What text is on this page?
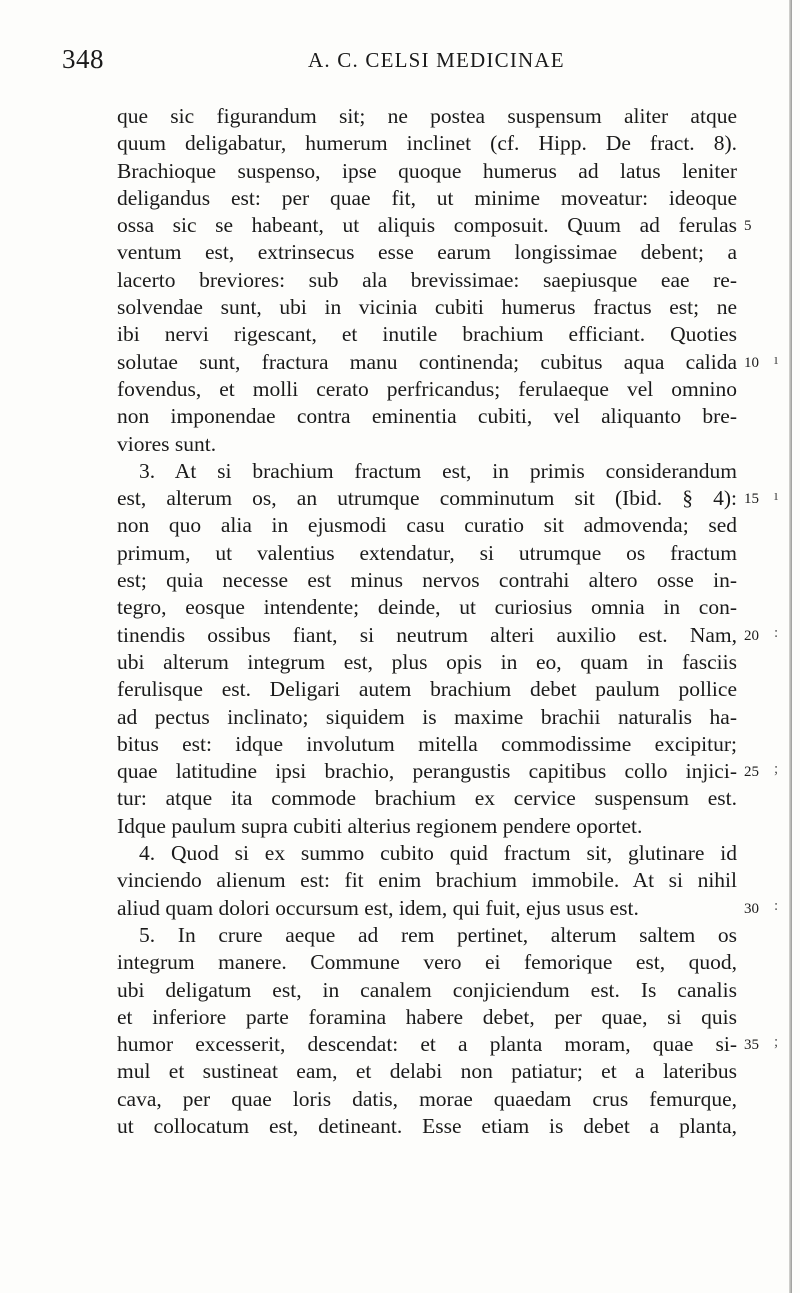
348	A. C. CELSI MEDICINAE
que sic figurandum sit; ne postea suspensum aliter atque
quum deligabatur, humerum inclinet (cf. Hipp. De fract. 8).
Brachioque suspenso, ipse quoque humerus ad latus leniter
deligandus est: per quae fit, ut minime moveatur: ideoque
ossa sic se habeant, ut aliquis composuit. Quum ad ferulas 5
ventum est, extrinsecus esse earum longissimae debent; a
lacerto breviores: sub ala brevissimae: saepiusque eae re-
solvendae sunt, ubi in vicinia cubiti humerus fractus est; ne
ibi nervi rigescant, et inutile brachium efficiant. Quoties
solutae sunt, fractura manu continenda; cubitus aqua calida 10
fovendus, et molli cerato perfricandus; ferulaeque vel omnino
non imponendae contra eminentia cubiti, vel aliquanto bre-
viores sunt.
3. At si brachium fractum est, in primis considerandum
est, alterum os, an utrumque comminutum sit (Ibid. § 4): 15
non quo alia in ejusmodi casu curatio sit admovenda; sed
primum, ut valentius extendatur, si utrumque os fractum
est; quia necesse est minus nervos contrahi altero osse in-
tegro, eosque intendente; deinde, ut curiosius omnia in con-
tinendis ossibus fiant, si neutrum alteri auxilio est. Nam, 20
ubi alterum integrum est, plus opis in eo, quam in fasciis
ferulisque est. Deligari autem brachium debet paulum pollice
ad pectus inclinato; siquidem is maxime brachii naturalis ha-
bitus est: idque involutum mitella commodissime excipitur;
quae latitudine ipsi brachio, perangustis capitibus collo injici- 25
tur: atque ita commode brachium ex cervice suspensum est.
Idque paulum supra cubiti alterius regionem pendere oportet.
4. Quod si ex summo cubito quid fractum sit, glutinare id
vinciendo alienum est: fit enim brachium immobile. At si nihil
aliud quam dolori occursum est, idem, qui fuit, ejus usus est.	30
5. In crure aeque ad rem pertinet, alterum saltem os
integrum manere. Commune vero ei femorique est, quod,
ubi deligatum est, in canalem conjiciendum est. Is canalis
et inferiore parte foramina habere debet, per quae, si quis
humor excesserit, descendat: et a planta moram, quae si- 35
mul et sustineat eam, et delabi non patiatur; et a lateribus
cava, per quae loris datis, morae quaedam crus femurque,
ut collocatum est, detineant. Esse etiam is debet a planta,
ı
ı
:
;
:
;
